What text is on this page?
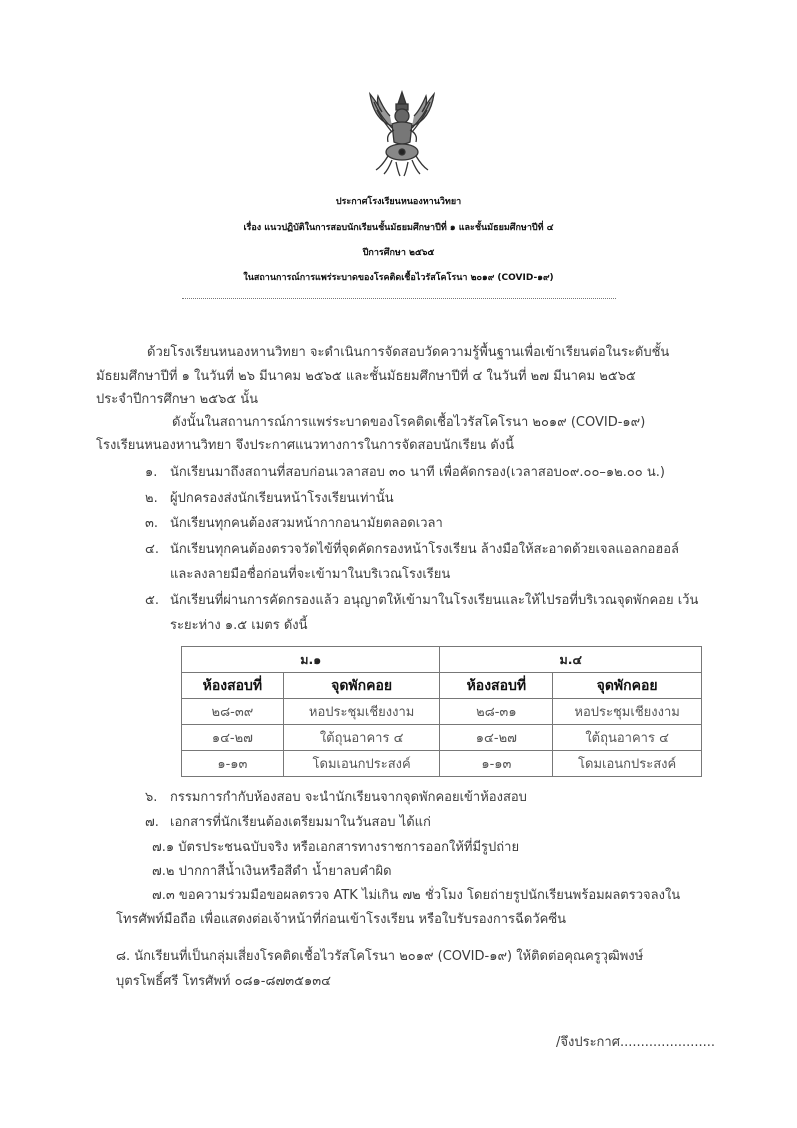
ประกาศโรงเรียนหนองหานวิทยา
เรื่อง แนวปฏิบัติในการสอบนักเรียนชั้นมัธยมศึกษาปีที่ ๑ และชั้นมัธยมศึกษาปีที่ ๔
ปีการศึกษา ๒๕๖๕
ในสถานการณ์การแพร่ระบาดของโรคติดเชื้อไวรัสโคโรนา ๒๐๑๙ (COVID-๑๙)
ด้วยโรงเรียนหนองหานวิทยา จะดำเนินการจัดสอบวัดความรู้พื้นฐานเพื่อเข้าเรียนต่อในระดับชั้น
มัธยมศึกษาปีที่ ๑ ในวันที่ ๒๖ มีนาคม ๒๕๖๕ และชั้นมัธยมศึกษาปีที่ ๔ ในวันที่ ๒๗ มีนาคม ๒๕๖๕
ประจำปีการศึกษา ๒๕๖๕ นั้น
ดังนั้นในสถานการณ์การแพร่ระบาดของโรคติดเชื้อไวรัสโคโรนา ๒๐๑๙ (COVID-๑๙)
โรงเรียนหนองหานวิทยา จึงประกาศแนวทางการในการจัดสอบนักเรียน ดังนี้
๑. นักเรียนมาถึงสถานที่สอบก่อนเวลาสอบ ๓๐ นาที เพื่อคัดกรอง(เวลาสอบ๐๙.๐๐–๑๒.๐๐ น.)
๒. ผู้ปกครองส่งนักเรียนหน้าโรงเรียนเท่านั้น
๓. นักเรียนทุกคนต้องสวมหน้ากากอนามัยตลอดเวลา
๔. นักเรียนทุกคนต้องตรวจวัดไข้ที่จุดคัดกรองหน้าโรงเรียน ล้างมือให้สะอาดด้วยเจลแอลกอฮอล์
และลงลายมือชื่อก่อนที่จะเข้ามาในบริเวณโรงเรียน
๕. นักเรียนที่ผ่านการคัดกรองแล้ว อนุญาตให้เข้ามาในโรงเรียนและให้ไปรอที่บริเวณจุดพักคอย เว้น
ระยะห่าง ๑.๕ เมตร ดังนี้
ม.๑		ม.๔	
ห้องสอบที่	จุดพักคอย	ห้องสอบที่	จุดพักคอย
๒๘-๓๙	หอประชุมเชียงงาม	๒๘-๓๑	หอประชุมเชียงงาม
๑๔-๒๗	ใต้ถุนอาคาร ๔	๑๔-๒๗	ใต้ถุนอาคาร ๔
๑-๑๓	โดมเอนกประสงค์	๑-๑๓	โดมเอนกประสงค์
๖. กรรมการกำกับห้องสอบ จะนำนักเรียนจากจุดพักคอยเข้าห้องสอบ
๗. เอกสารที่นักเรียนต้องเตรียมมาในวันสอบ ได้แก่
๗.๑ บัตรประชนฉบับจริง หรือเอกสารทางราชการออกให้ที่มีรูปถ่าย
๗.๒ ปากกาสีน้ำเงินหรือสีดำ น้ำยาลบคำผิด
๗.๓ ขอความร่วมมือขอผลตรวจ ATK ไม่เกิน ๗๒ ชั่วโมง โดยถ่ายรูปนักเรียนพร้อมผลตรวจลงใน
โทรศัพท์มือถือ เพื่อแสดงต่อเจ้าหน้าที่ก่อนเข้าโรงเรียน หรือใบรับรองการฉีดวัคซีน
๘. นักเรียนที่เป็นกลุ่มเสี่ยงโรคติดเชื้อไวรัสโคโรนา ๒๐๑๙ (COVID-๑๙) ให้ติดต่อคุณครูวุฒิพงษ์
บุตรโพธิ์ศรี โทรศัพท์ ๐๘๑-๘๗๓๕๑๓๔
/จึงประกาศ.......................
